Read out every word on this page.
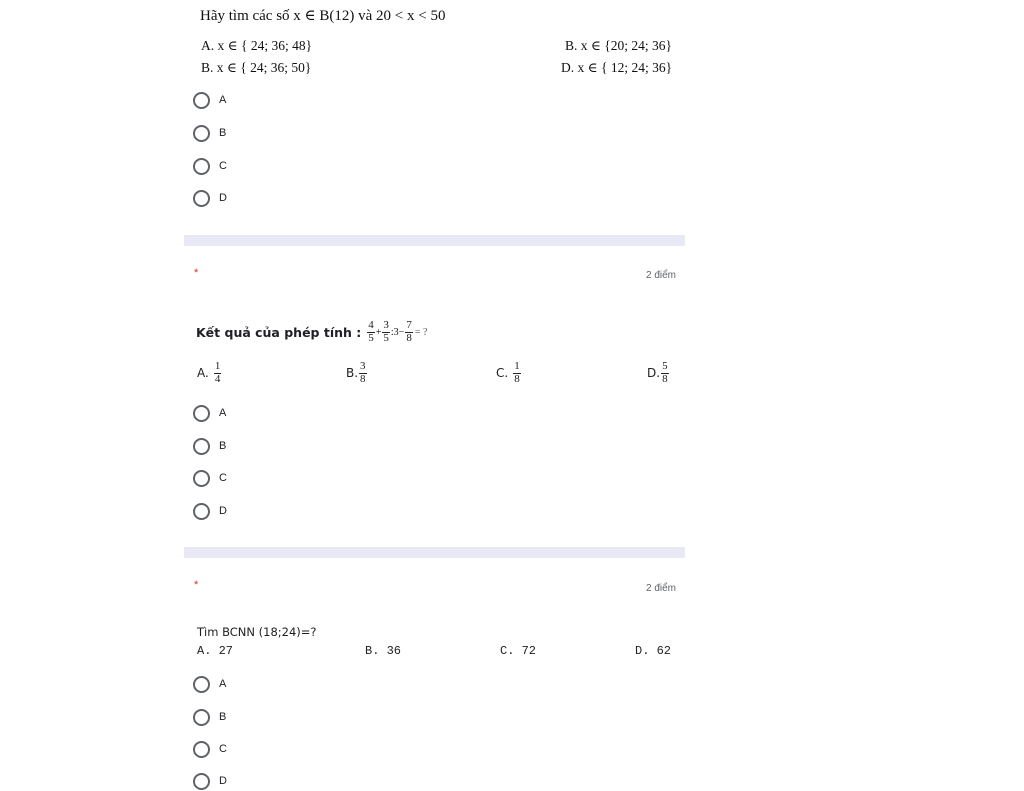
Hãy tìm các số x ∈ B(12) và 20 < x < 50
A. x ∈ { 24; 36; 48}	B. x ∈ {20; 24; 36}
B. x ∈ { 24; 36; 50}	D. x ∈ { 12; 24; 36}
A
B
C
D
*	2 điểm
Kết quả của phép tính : $\frac{4}{5} + \frac{3}{5}$ :3− $\frac{7}{8}$ = ?
A. $\frac{1}{4}$	B. $\frac{3}{8}$	C. $\frac{1}{8}$	D. $\frac{5}{8}$
A
B
C
D
*	2 điểm
Tìm BCNN (18;24)=?
A. 27	B. 36	C. 72	D. 62
A
B
C
D
